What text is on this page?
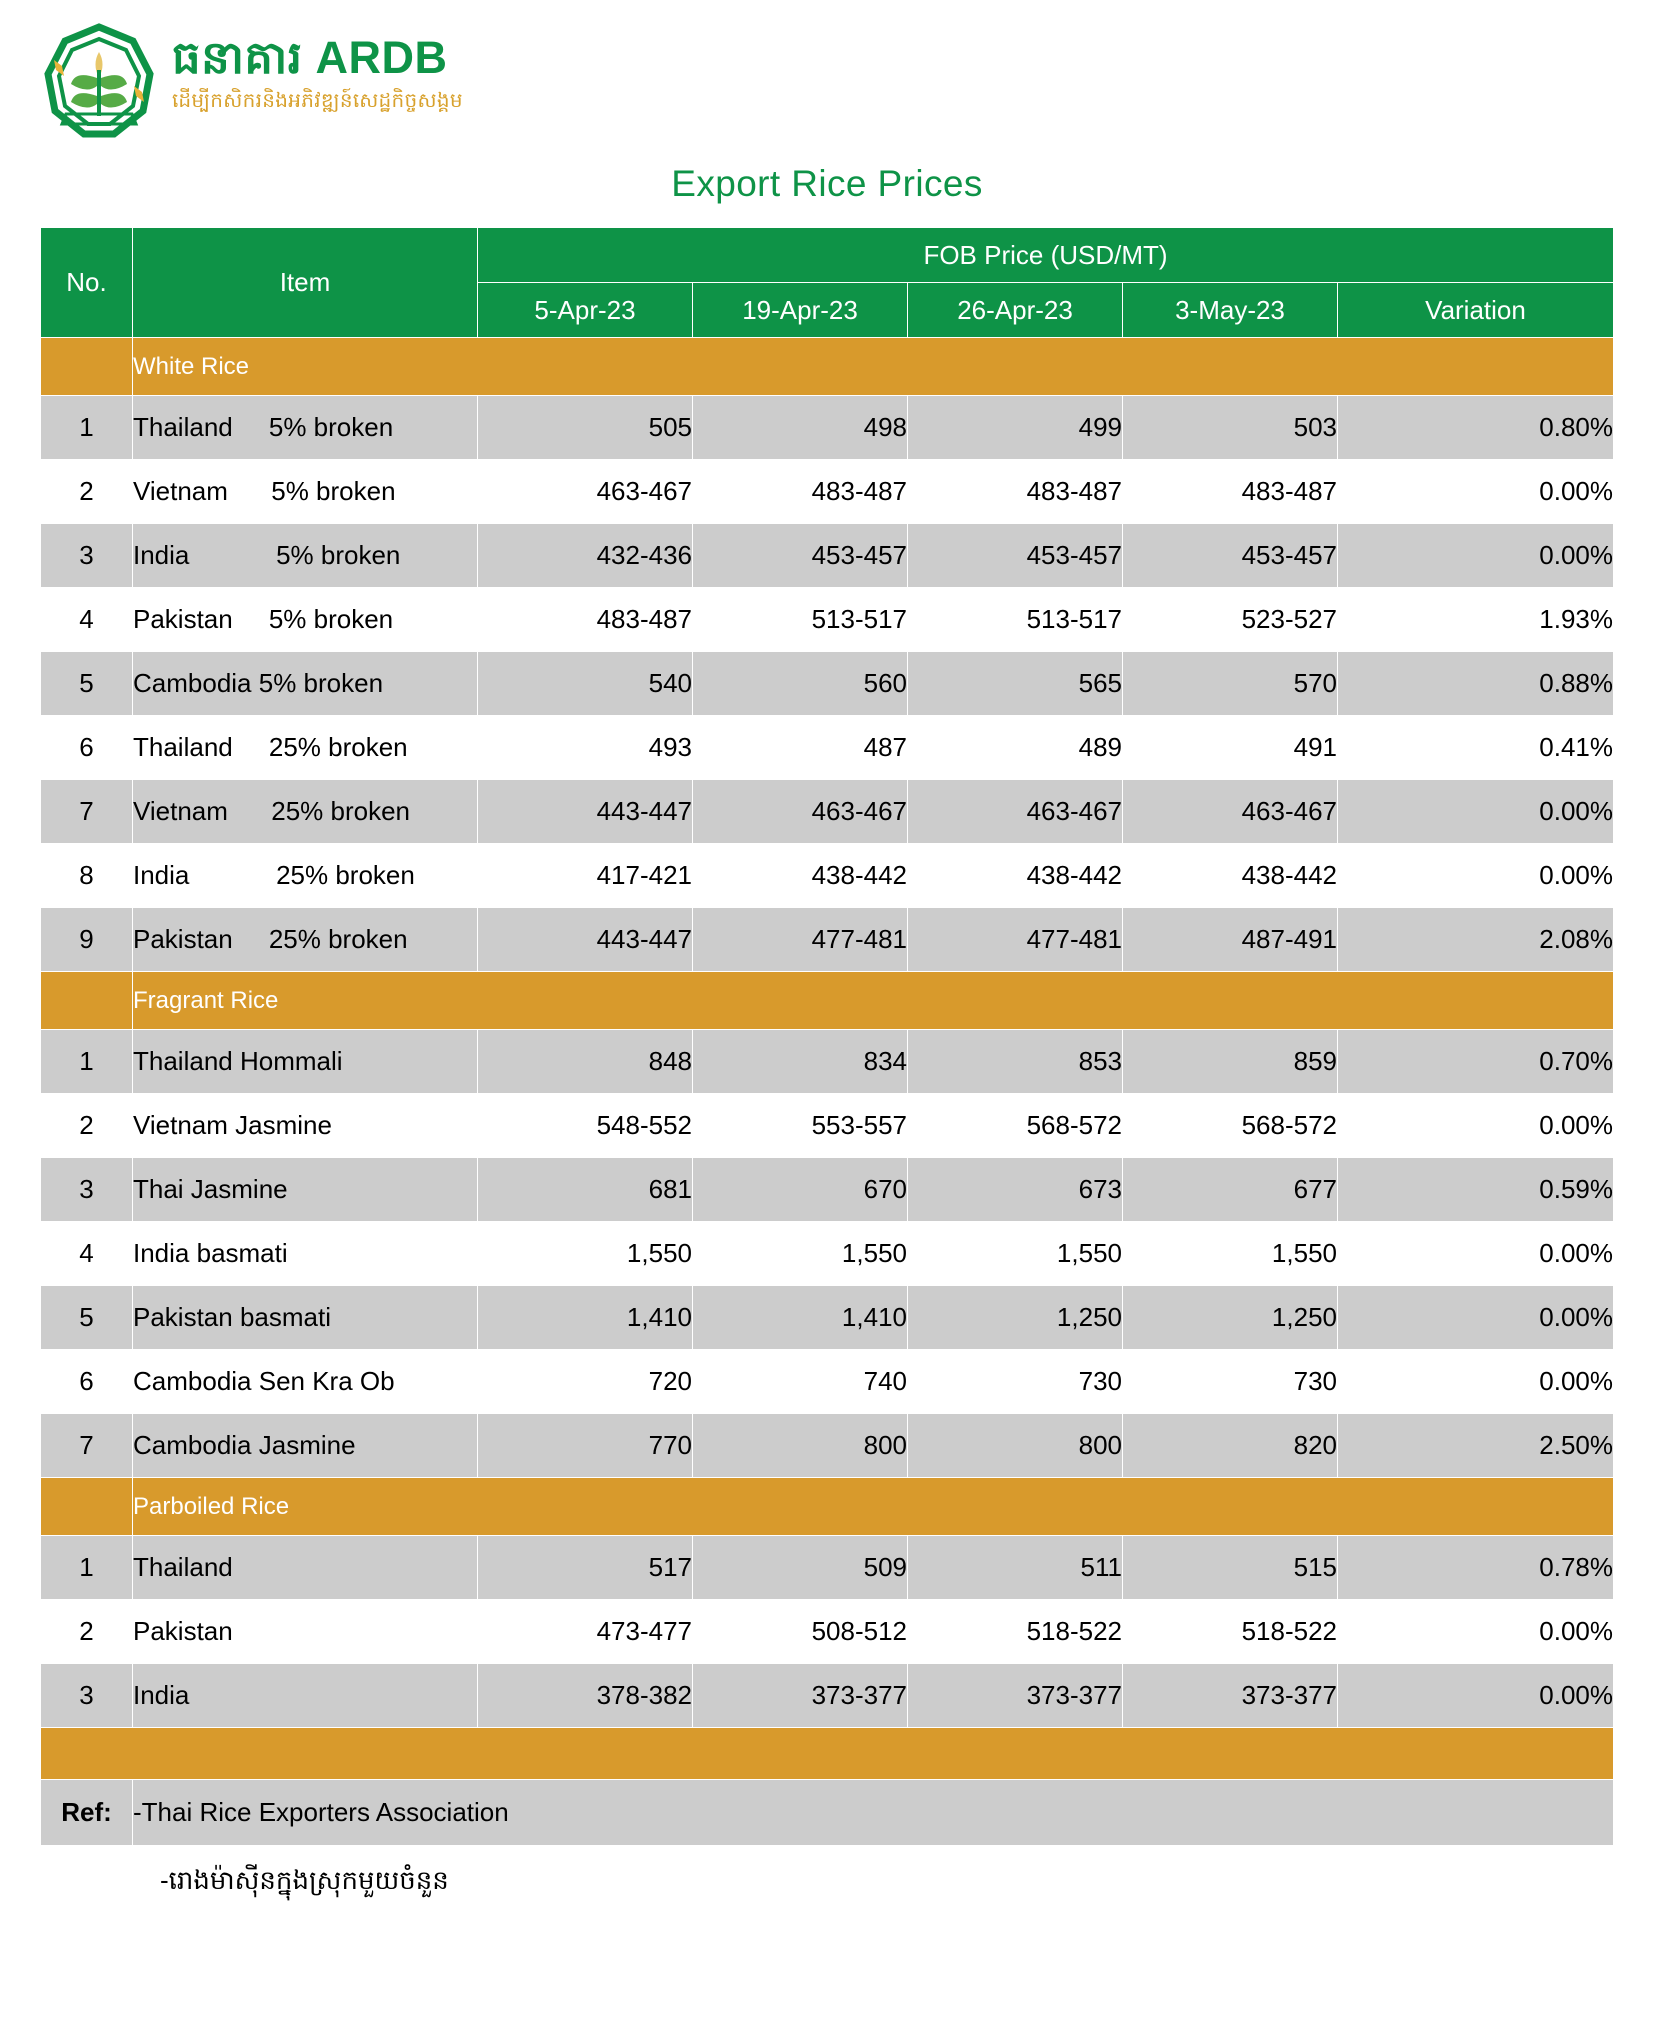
ធនាគារ ARDB
ដើម្បីកសិករនិងអភិវឌ្ឍន៍សេដ្ឋកិច្ចសង្គម
Export Rice Prices
No.	Item	FOB Price (USD/MT)				
		5-Apr-23	19-Apr-23	26-Apr-23	3-May-23	Variation
	White Rice					
1	Thailand     5% broken	505	498	499	503	0.80%
2	Vietnam      5% broken	463-467	483-487	483-487	483-487	0.00%
3	India            5% broken	432-436	453-457	453-457	453-457	0.00%
4	Pakistan     5% broken	483-487	513-517	513-517	523-527	1.93%
5	Cambodia 5% broken	540	560	565	570	0.88%
6	Thailand     25% broken	493	487	489	491	0.41%
7	Vietnam      25% broken	443-447	463-467	463-467	463-467	0.00%
8	India            25% broken	417-421	438-442	438-442	438-442	0.00%
9	Pakistan     25% broken	443-447	477-481	477-481	487-491	2.08%
	Fragrant Rice					
1	Thailand Hommali	848	834	853	859	0.70%
2	Vietnam Jasmine	548-552	553-557	568-572	568-572	0.00%
3	Thai Jasmine	681	670	673	677	0.59%
4	India basmati	1,550	1,550	1,550	1,550	0.00%
5	Pakistan basmati	1,410	1,410	1,250	1,250	0.00%
6	Cambodia Sen Kra Ob	720	740	730	730	0.00%
7	Cambodia Jasmine	770	800	800	820	2.50%
	Parboiled Rice					
1	Thailand	517	509	511	515	0.78%
2	Pakistan	473-477	508-512	518-522	518-522	0.00%
3	India	378-382	373-377	373-377	373-377	0.00%

Ref:	-Thai Rice Exporters Association					
-រោងម៉ាស៊ីនក្នុងស្រុកមួយចំនួន
